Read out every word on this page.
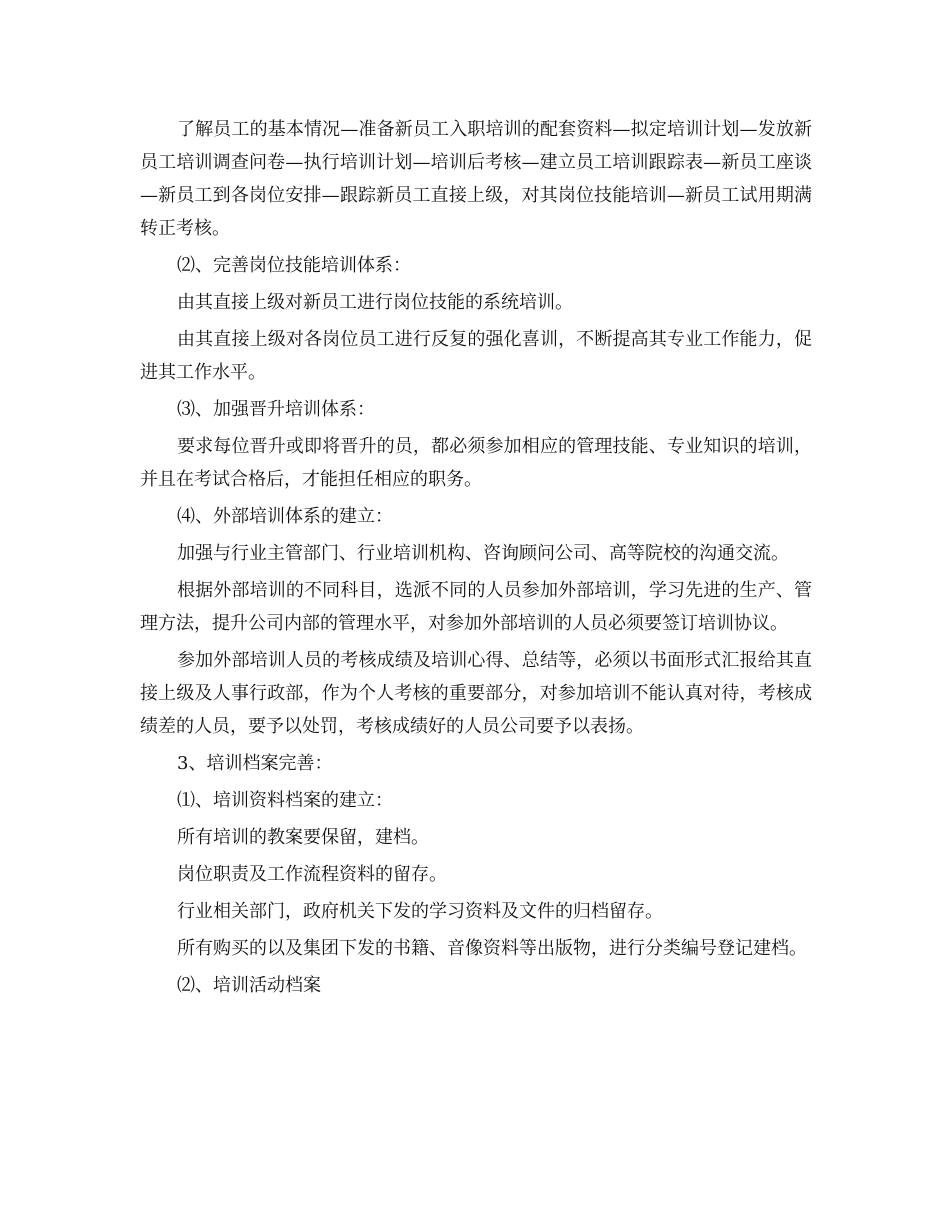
了解员工的基本情况—准备新员工入职培训的配套资料—拟定培训计划—发放新员工培训调查问卷—执行培训计划—培训后考核—建立员工培训跟踪表—新员工座谈—新员工到各岗位安排—跟踪新员工直接上级，对其岗位技能培训—新员工试用期满转正考核。

⑵、完善岗位技能培训体系：

由其直接上级对新员工进行岗位技能的系统培训。

由其直接上级对各岗位员工进行反复的强化喜训，不断提高其专业工作能力，促进其工作水平。

⑶、加强晋升培训体系：

要求每位晋升或即将晋升的员，都必须参加相应的管理技能、专业知识的培训，并且在考试合格后，才能担任相应的职务。

⑷、外部培训体系的建立：

加强与行业主管部门、行业培训机构、咨询顾问公司、高等院校的沟通交流。

根据外部培训的不同科目，选派不同的人员参加外部培训，学习先进的生产、管理方法，提升公司内部的管理水平，对参加外部培训的人员必须要签订培训协议。

参加外部培训人员的考核成绩及培训心得、总结等，必须以书面形式汇报给其直接上级及人事行政部，作为个人考核的重要部分，对参加培训不能认真对待，考核成绩差的人员，要予以处罚，考核成绩好的人员公司要予以表扬。

3、培训档案完善：

⑴、培训资料档案的建立：

所有培训的教案要保留，建档。

岗位职责及工作流程资料的留存。

行业相关部门，政府机关下发的学习资料及文件的归档留存。

所有购买的以及集团下发的书籍、音像资料等出版物，进行分类编号登记建档。

⑵、培训活动档案
